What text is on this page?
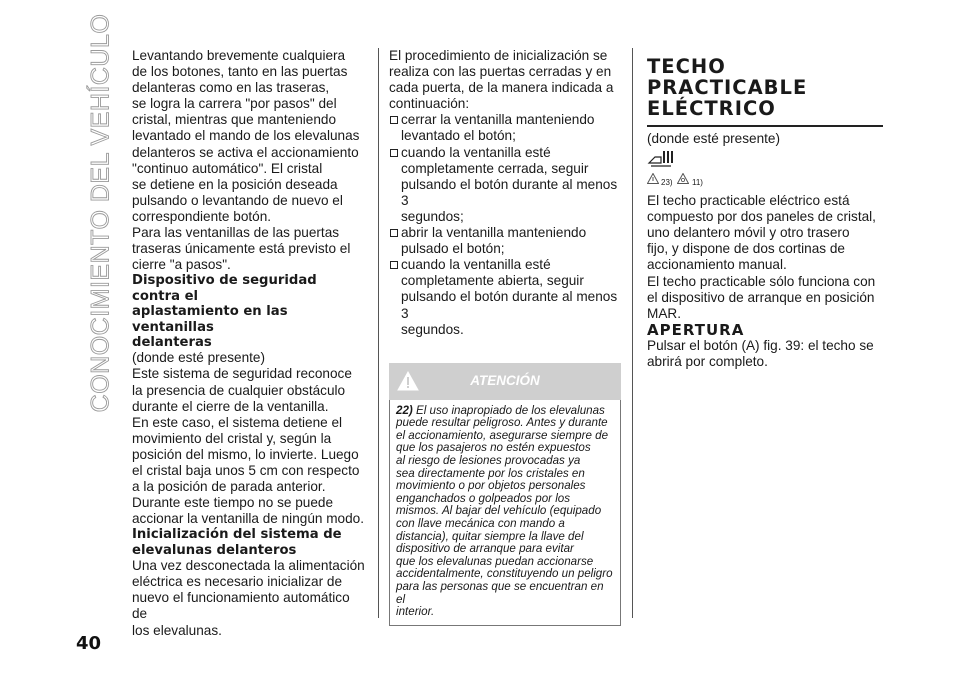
CONOCIMIENTO DEL VEHÍCULO Levantando brevemente cualquiera
de los botones, tanto en las puertas
delanteras como en las traseras,
se logra la carrera "por pasos" del
cristal, mientras que manteniendo
levantado el mando de los elevalunas
delanteros se activa el accionamiento
"continuo automático". El cristal
se detiene en la posición deseada
pulsando o levantando de nuevo el
correspondiente botón.

Para las ventanillas de las puertas
traseras únicamente está previsto el
cierre "a pasos".

Dispositivo de seguridad contra el
aplastamiento en las ventanillas
delanteras

(donde esté presente)
Este sistema de seguridad reconoce
la presencia de cualquier obstáculo
durante el cierre de la ventanilla.
En este caso, el sistema detiene el
movimiento del cristal y, según la
posición del mismo, lo invierte. Luego
el cristal baja unos 5 cm con respecto
a la posición de parada anterior.
Durante este tiempo no se puede
accionar la ventanilla de ningún modo.

Inicialización del sistema de
elevalunas delanteros

Una vez desconectada la alimentación
eléctrica es necesario inicializar de
nuevo el funcionamiento automático de
los elevalunas.

El procedimiento de inicialización se
realiza con las puertas cerradas y en
cada puerta, de la manera indicada a
continuación:

cerrar la ventanilla manteniendo
levantado el botón;

cuando la ventanilla esté
completamente cerrada, seguir
pulsando el botón durante al menos 3
segundos;

abrir la ventanilla manteniendo
pulsado el botón;

cuando la ventanilla esté
completamente abierta, seguir
pulsando el botón durante al menos 3
segundos.

ATENCIÓN
22) El uso inapropiado de los elevalunas
puede resultar peligroso. Antes y durante
el accionamiento, asegurarse siempre de
que los pasajeros no estén expuestos
al riesgo de lesiones provocadas ya
sea directamente por los cristales en
movimiento o por objetos personales
enganchados o golpeados por los
mismos. Al bajar del vehículo (equipado
con llave mecánica con mando a
distancia), quitar siempre la llave del
dispositivo de arranque para evitar
que los elevalunas puedan accionarse
accidentalmente, constituyendo un peligro
para las personas que se encuentran en el
interior.
TECHO
PRACTICABLE
ELÉCTRICO

(donde esté presente)

23) 11)

El techo practicable eléctrico está
compuesto por dos paneles de cristal,
uno delantero móvil y otro trasero
fijo, y dispone de dos cortinas de
accionamiento manual.

El techo practicable sólo funciona con
el dispositivo de arranque en posición
MAR.

APERTURA

Pulsar el botón (A) fig. 39: el techo se
abrirá por completo.

40
